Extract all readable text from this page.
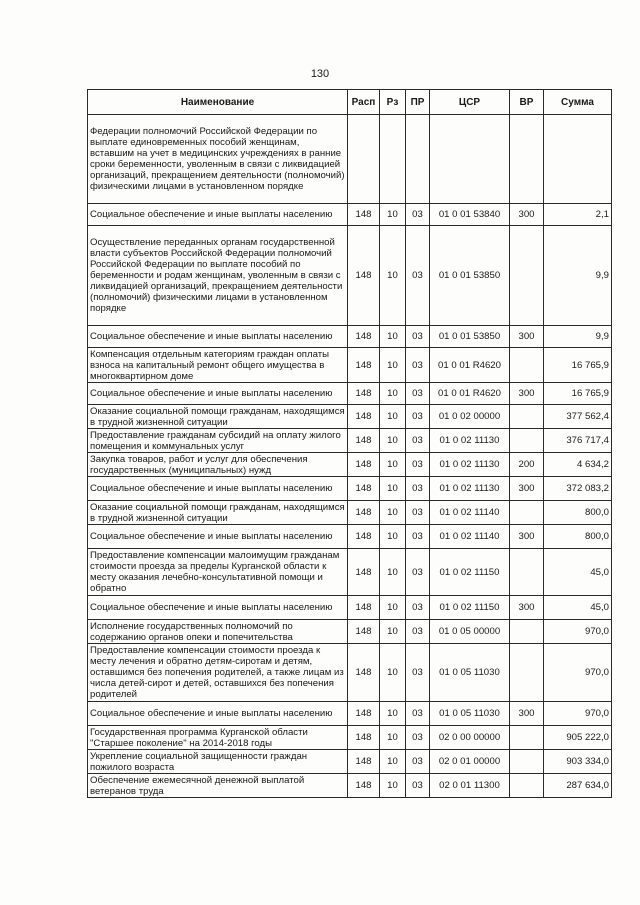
130
Наименование	Расп	Рз	ПР	ЦСР	ВР	Сумма
Федерации полномочий Российской Федерации по выплате единовременных пособий женщинам, вставшим на учет в медицинских учреждениях в ранние сроки беременности, уволенным в связи с ликвидацией организаций, прекращением деятельности (полномочий) физическими лицами в установленном порядке						
Социальное обеспечение и иные выплаты населению	148	10	03	01 0 01 53840	300	2,1
Осуществление переданных органам государственной власти субъектов Российской Федерации полномочий Российской Федерации по выплате пособий по беременности и родам женщинам, уволенным в связи с ликвидацией организаций, прекращением деятельности (полномочий) физическими лицами в установленном порядке	148	10	03	01 0 01 53850		9,9
Социальное обеспечение и иные выплаты населению	148	10	03	01 0 01 53850	300	9,9
Компенсация отдельным категориям граждан оплаты взноса на капитальный ремонт общего имущества в многоквартирном доме	148	10	03	01 0 01 R4620		16 765,9
Социальное обеспечение и иные выплаты населению	148	10	03	01 0 01 R4620	300	16 765,9
Оказание социальной помощи гражданам, находящимся в трудной жизненной ситуации	148	10	03	01 0 02 00000		377 562,4
Предоставление гражданам субсидий на оплату жилого помещения и коммунальных услуг	148	10	03	01 0 02 11130		376 717,4
Закупка товаров, работ и услуг для обеспечения государственных (муниципальных) нужд	148	10	03	01 0 02 11130	200	4 634,2
Социальное обеспечение и иные выплаты населению	148	10	03	01 0 02 11130	300	372 083,2
Оказание социальной помощи гражданам, находящимся в трудной жизненной ситуации	148	10	03	01 0 02 11140		800,0
Социальное обеспечение и иные выплаты населению	148	10	03	01 0 02 11140	300	800,0
Предоставление компенсации малоимущим гражданам стоимости проезда за пределы Курганской области к месту оказания лечебно-консультативной помощи и обратно	148	10	03	01 0 02 11150		45,0
Социальное обеспечение и иные выплаты населению	148	10	03	01 0 02 11150	300	45,0
Исполнение государственных полномочий по содержанию органов опеки и попечительства	148	10	03	01 0 05 00000		970,0
Предоставление компенсации стоимости проезда к месту лечения и обратно детям-сиротам и детям, оставшимся без попечения родителей, а также лицам из числа детей-сирот и детей, оставшихся без попечения родителей	148	10	03	01 0 05 11030		970,0
Социальное обеспечение и иные выплаты населению	148	10	03	01 0 05 11030	300	970,0
Государственная программа Курганской области "Старшее поколение" на 2014-2018 годы	148	10	03	02 0 00 00000		905 222,0
Укрепление социальной защищенности граждан пожилого возраста	148	10	03	02 0 01 00000		903 334,0
Обеспечение ежемесячной денежной выплатой ветеранов труда	148	10	03	02 0 01 11300		287 634,0
